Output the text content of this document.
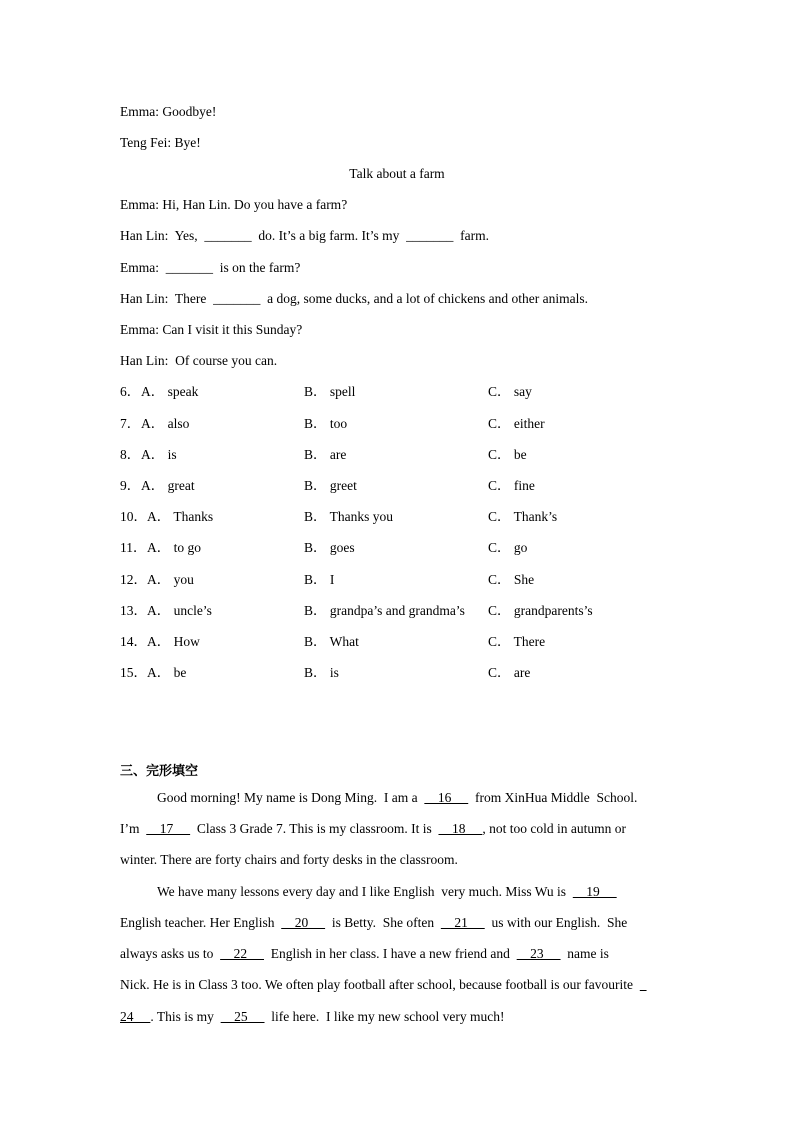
Emma: Goodbye!
Teng Fei: Bye!
Talk about a farm
Emma: Hi, Han Lin. Do you have a farm?
Han Lin:  Yes,  _______  do. It’s a big farm. It’s my  _______  farm.
Emma:  _______  is on the farm?
Han Lin:  There  _______  a dog, some ducks, and a lot of chickens and other animals.
Emma: Can I visit it this Sunday?
Han Lin:  Of course you can.
6． A． speak	B． spell	C． say
7． A． also	B． too	C． either
8． A． is	B． are	C． be
9． A． great	B． greet	C． fine
10． A． Thanks	B． Thanks you	C． Thank’s
11． A． to go	B． goes	C． go
12． A． you	B． I	C． She
13． A． uncle’s	B． grandpa’s and grandma’s C． grandparents’s
14． A． How	B． What	C． There
15． A． be	B． is	C． are
三、完形填空
Good morning! My name is Dong Ming.  I am a      16       from XinHua Middle  School.
I’m      17       Class 3 Grade 7. This is my classroom. It is      18     , not too cold in autumn or
winter. There are forty chairs and forty desks in the classroom.
We have many lessons every day and I like English  very much. Miss Wu is      19
English teacher. Her English      20       is Betty.  She often      21       us with our English.  She
always asks us to      22       English in her class. I have a new friend and      23       name is
Nick. He is in Class 3 too. We often play football after school, because football is our favourite
24     . This is my      25       life here.  I like my new school very much!
